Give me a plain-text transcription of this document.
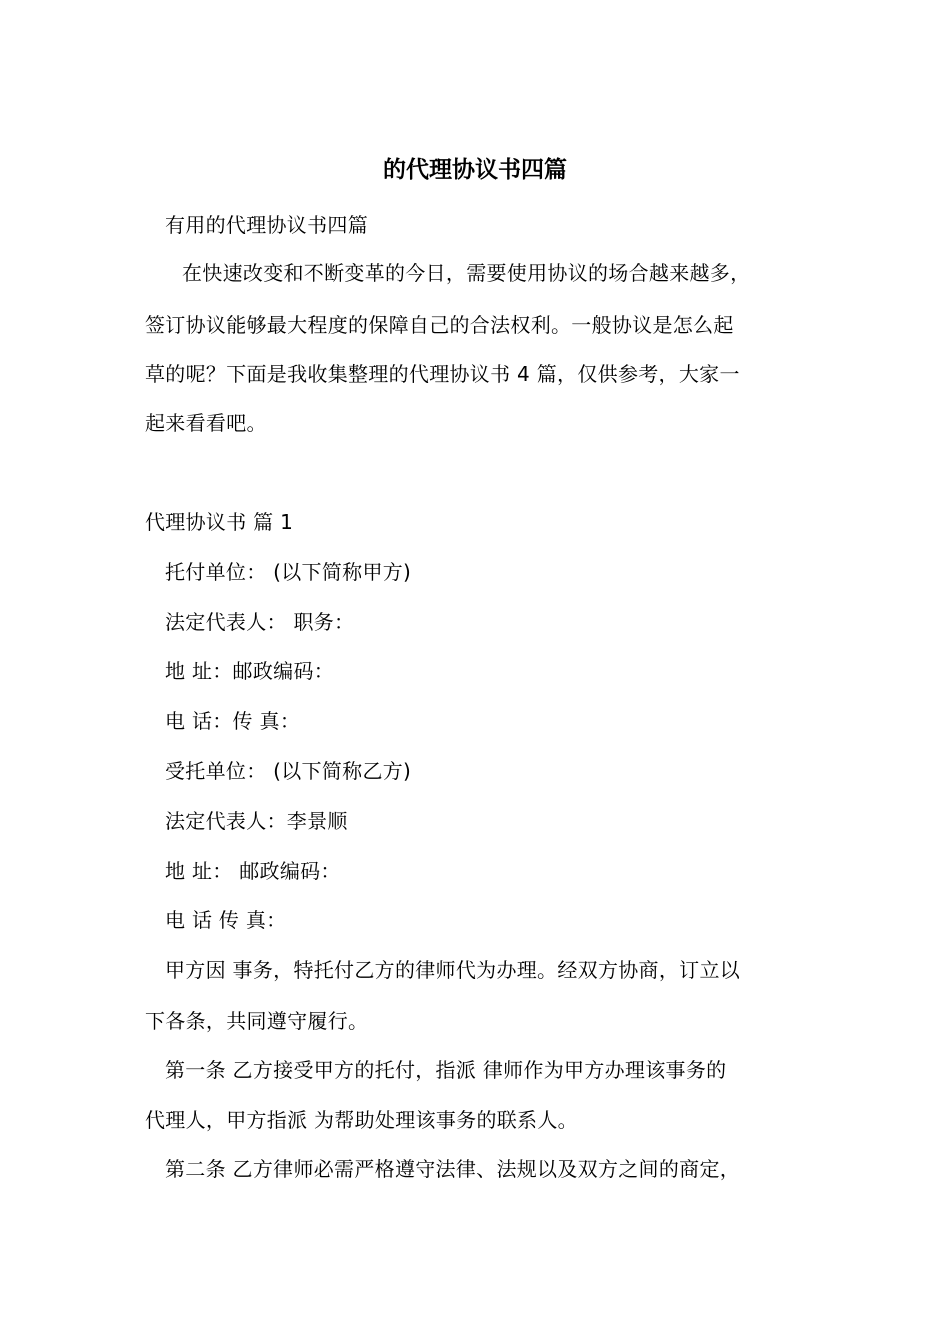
的代理协议书四篇
有用的代理协议书四篇
在快速改变和不断变革的今日，需要使用协议的场合越来越多，
签订协议能够最大程度的保障自己的合法权利。一般协议是怎么起
草的呢？下面是我收集整理的代理协议书 4 篇，仅供参考，大家一
起来看看吧。
代理协议书 篇 1
托付单位： (以下简称甲方)
法定代表人： 职务：
地 址：邮政编码：
电 话：传 真：
受托单位： (以下简称乙方)
法定代表人：李景顺
地 址： 邮政编码：
电 话 传 真：
甲方因 事务，特托付乙方的律师代为办理。经双方协商，订立以
下各条，共同遵守履行。
第一条 乙方接受甲方的托付，指派 律师作为甲方办理该事务的
代理人，甲方指派 为帮助处理该事务的联系人。
第二条 乙方律师必需严格遵守法律、法规以及双方之间的商定，
